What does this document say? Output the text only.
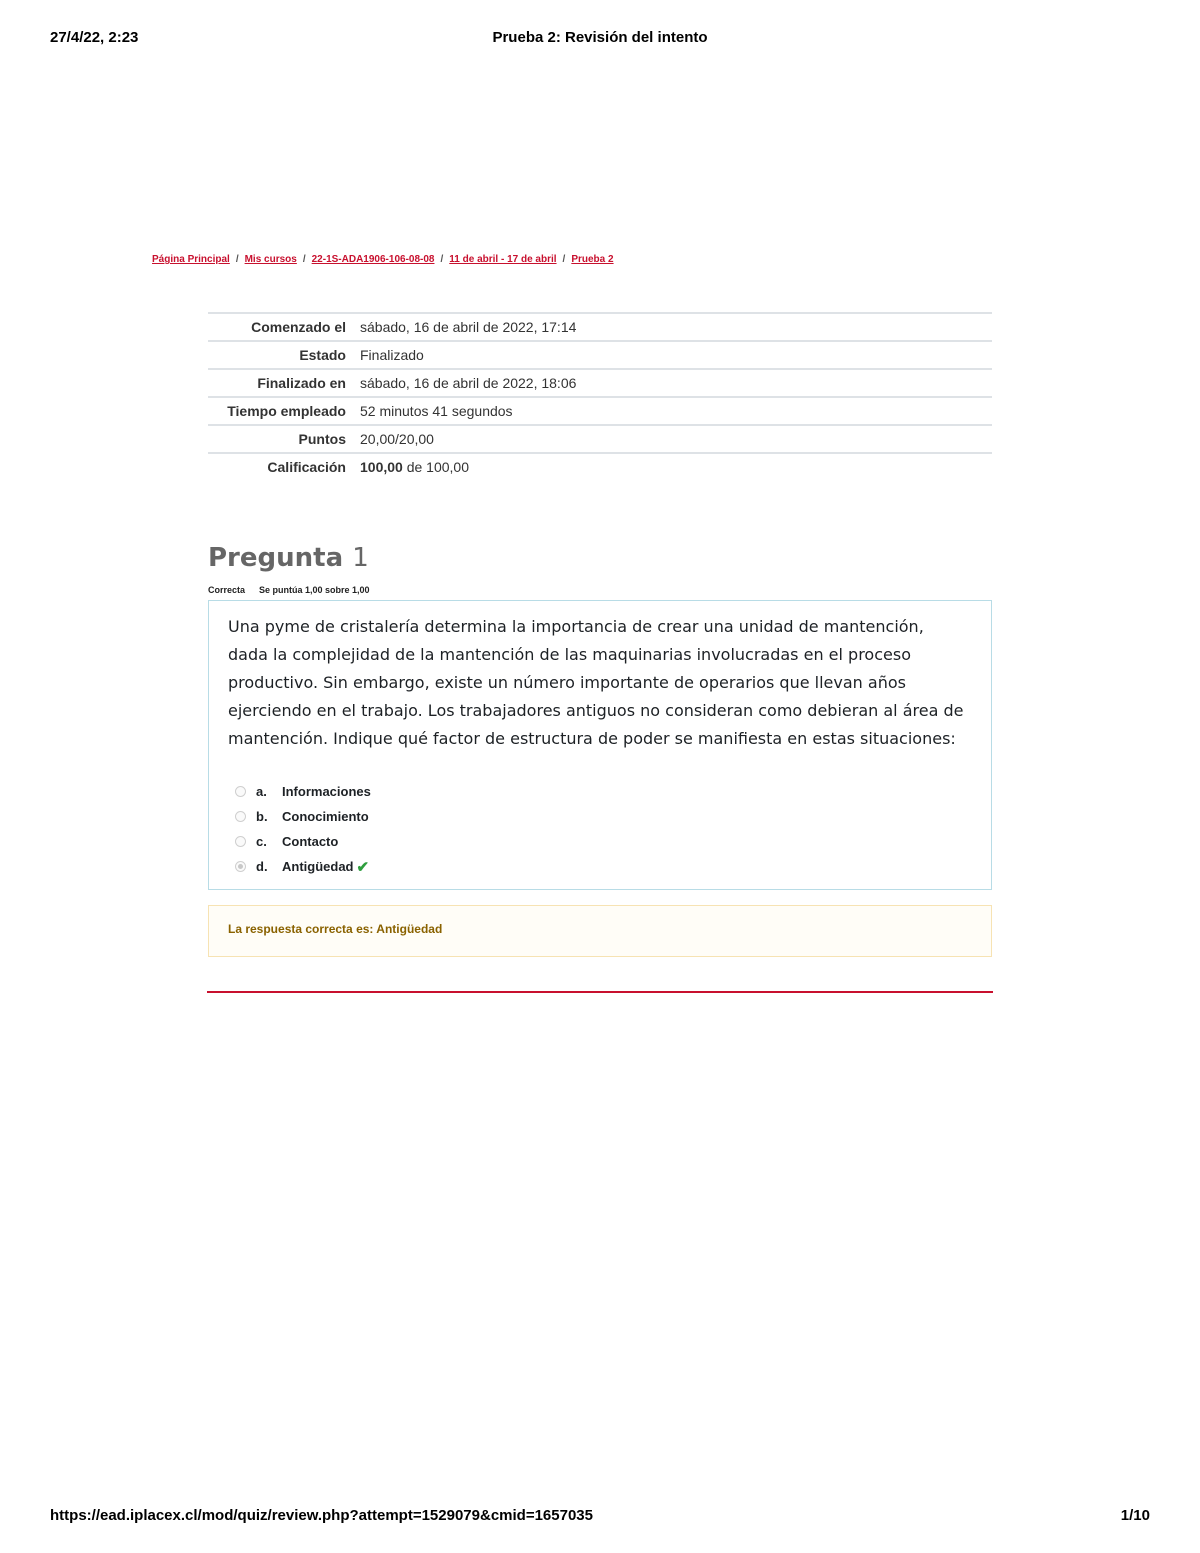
27/4/22, 2:23	Prueba 2: Revisión del intento
Página Principal / Mis cursos / 22-1S-ADA1906-106-08-08 / 11 de abril - 17 de abril / Prueba 2
Comenzado el	sábado, 16 de abril de 2022, 17:14
Estado	Finalizado
Finalizado en	sábado, 16 de abril de 2022, 18:06
Tiempo empleado	52 minutos 41 segundos
Puntos	20,00/20,00
Calificación	100,00 de 100,00
Pregunta 1
Correcta Se puntúa 1,00 sobre 1,00
Una pyme de cristalería determina la importancia de crear una unidad de mantención, dada la complejidad de la mantención de las maquinarias involucradas en el proceso productivo. Sin embargo, existe un número importante de operarios que llevan años ejerciendo en el trabajo. Los trabajadores antiguos no consideran como debieran al área de mantención. Indique qué factor de estructura de poder se manifiesta en estas situaciones:
a.	Informaciones
b.	Conocimiento
c.	Contacto
d.	Antigüedad ✔
La respuesta correcta es: Antigüedad
https://ead.iplacex.cl/mod/quiz/review.php?attempt=1529079&cmid=1657035	1/10
